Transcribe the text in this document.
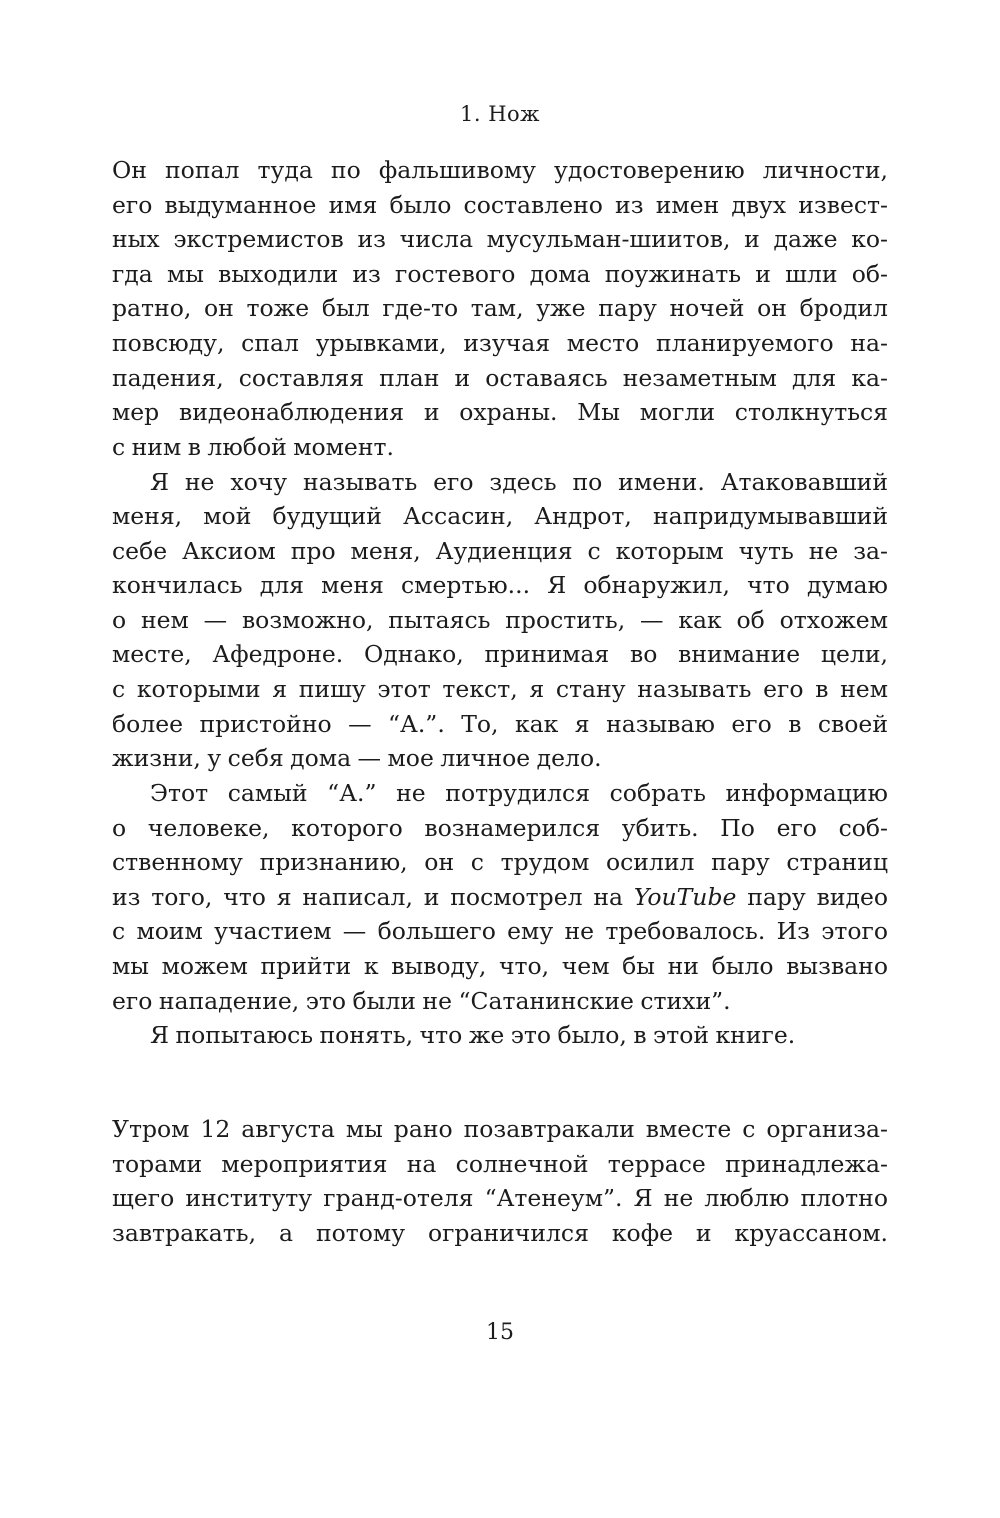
1. Нож
Он попал туда по фальшивому удостоверению личности,
его выдуманное имя было составлено из имен двух извест-
ных экстремистов из числа мусульман-шиитов, и даже ко-
гда мы выходили из гостевого дома поужинать и шли об-
ратно, он тоже был где-то там, уже пару ночей он бродил
повсюду, спал урывками, изучая место планируемого на-
падения, составляя план и оставаясь незаметным для ка-
мер видеонаблюдения и охраны. Мы могли столкнуться
с ним в любой момент.
Я не хочу называть его здесь по имени. Атаковавший
меня, мой будущий Ассасин, Андрот, напридумывавший
себе Аксиом про меня, Аудиенция с которым чуть не за-
кончилась для меня смертью... Я обнаружил, что думаю
о нем — возможно, пытаясь простить, — как об отхожем
месте, Афедроне. Однако, принимая во внимание цели,
с которыми я пишу этот текст, я стану называть его в нем
более пристойно — “А.”. То, как я называю его в своей
жизни, у себя дома — мое личное дело.
Этот самый “А.” не потрудился собрать информацию
о человеке, которого вознамерился убить. По его соб-
ственному признанию, он с трудом осилил пару страниц
из того, что я написал, и посмотрел на YouTube пару видео
с моим участием — большего ему не требовалось. Из этого
мы можем прийти к выводу, что, чем бы ни было вызвано
его нападение, это были не “Сатанинские стихи”.
Я попытаюсь понять, что же это было, в этой книге.
Утром 12 августа мы рано позавтракали вместе с организа-
торами мероприятия на солнечной террасе принадлежа-
щего институту гранд-отеля “Атенеум”. Я не люблю плотно
завтракать, а потому ограничился кофе и круассаном.
15
